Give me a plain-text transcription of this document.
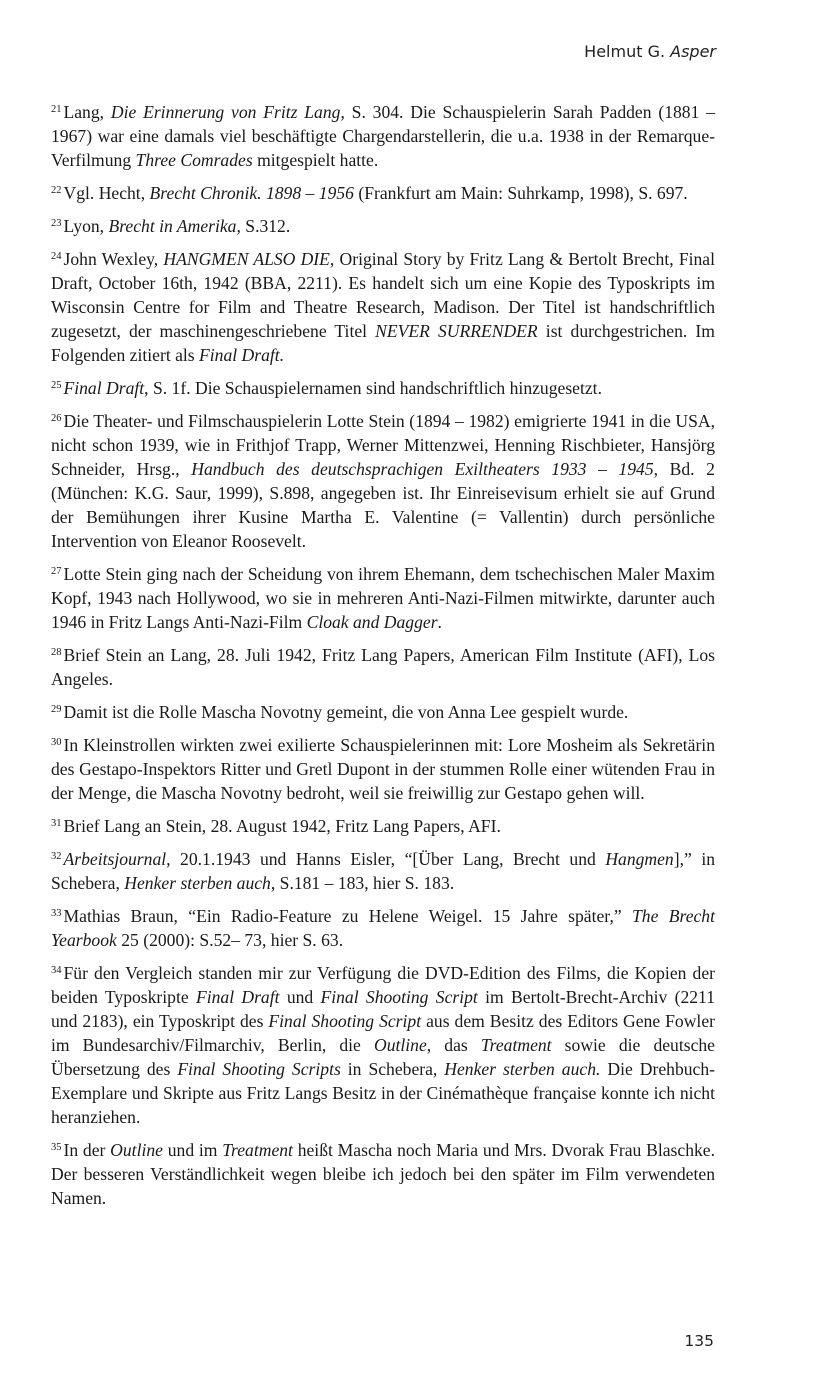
Helmut G. Asper

$^{21}$ Lang, Die Erinnerung von Fritz Lang, S. 304. Die Schauspielerin Sarah Padden (1881 – 1967) war eine damals viel beschäftigte Chargendarstellerin, die u.a. 1938 in der Remarque-Verfilmung Three Comrades mitgespielt hatte.

$^{22}$ Vgl. Hecht, Brecht Chronik. 1898 – 1956 (Frankfurt am Main: Suhrkamp, 1998), S. 697.

$^{23}$ Lyon, Brecht in Amerika, S.312.

$^{24}$ John Wexley, HANGMEN ALSO DIE, Original Story by Fritz Lang & Bertolt Brecht, Final Draft, October 16th, 1942 (BBA, 2211). Es handelt sich um eine Kopie des Typoskripts im Wisconsin Centre for Film and Theatre Research, Madison. Der Titel ist handschriftlich zugesetzt, der maschinengeschriebene Titel NEVER SURRENDER ist durchgestrichen. Im Folgenden zitiert als Final Draft.

$^{25}$ Final Draft, S. 1f. Die Schauspielernamen sind handschriftlich hinzugesetzt.

$^{26}$ Die Theater- und Filmschauspielerin Lotte Stein (1894 – 1982) emigrierte 1941 in die USA, nicht schon 1939, wie in Frithjof Trapp, Werner Mittenzwei, Henning Rischbieter, Hansjörg Schneider, Hrsg., Handbuch des deutschsprachigen Exiltheaters 1933 – 1945, Bd. 2 (München: K.G. Saur, 1999), S.898, angegeben ist. Ihr Einreisevisum erhielt sie auf Grund der Bemühungen ihrer Kusine Martha E. Valentine (= Vallentin) durch persönliche Intervention von Eleanor Roosevelt.

$^{27}$ Lotte Stein ging nach der Scheidung von ihrem Ehemann, dem tschechischen Maler Maxim Kopf, 1943 nach Hollywood, wo sie in mehreren Anti-Nazi-Filmen mitwirkte, darunter auch 1946 in Fritz Langs Anti-Nazi-Film Cloak and Dagger.

$^{28}$ Brief Stein an Lang, 28. Juli 1942, Fritz Lang Papers, American Film Institute (AFI), Los Angeles.

$^{29}$ Damit ist die Rolle Mascha Novotny gemeint, die von Anna Lee gespielt wurde.

$^{30}$ In Kleinstrollen wirkten zwei exilierte Schauspielerinnen mit: Lore Mosheim als Sekretärin des Gestapo-Inspektors Ritter und Gretl Dupont in der stummen Rolle einer wütenden Frau in der Menge, die Mascha Novotny bedroht, weil sie freiwillig zur Gestapo gehen will.

$^{31}$ Brief Lang an Stein, 28. August 1942, Fritz Lang Papers, AFI.

$^{32}$ Arbeitsjournal, 20.1.1943 und Hanns Eisler, “[Über Lang, Brecht und Hangmen],” in Schebera, Henker sterben auch, S.181 – 183, hier S. 183.

$^{33}$ Mathias Braun, “Ein Radio-Feature zu Helene Weigel. 15 Jahre später,” The Brecht Yearbook 25 (2000): S.52– 73, hier S. 63.

$^{34}$ Für den Vergleich standen mir zur Verfügung die DVD-Edition des Films, die Kopien der beiden Typoskripte Final Draft und Final Shooting Script im Bertolt-Brecht-Archiv (2211 und 2183), ein Typoskript des Final Shooting Script aus dem Besitz des Editors Gene Fowler im Bundesarchiv/Filmarchiv, Berlin, die Outline, das Treatment sowie die deutsche Übersetzung des Final Shooting Scripts in Schebera, Henker sterben auch. Die Drehbuch-Exemplare und Skripte aus Fritz Langs Besitz in der Cinémathèque française konnte ich nicht heranziehen.

$^{35}$ In der Outline und im Treatment heißt Mascha noch Maria und Mrs. Dvorak Frau Blaschke. Der besseren Verständlichkeit wegen bleibe ich jedoch bei den später im Film verwendeten Namen.

135
